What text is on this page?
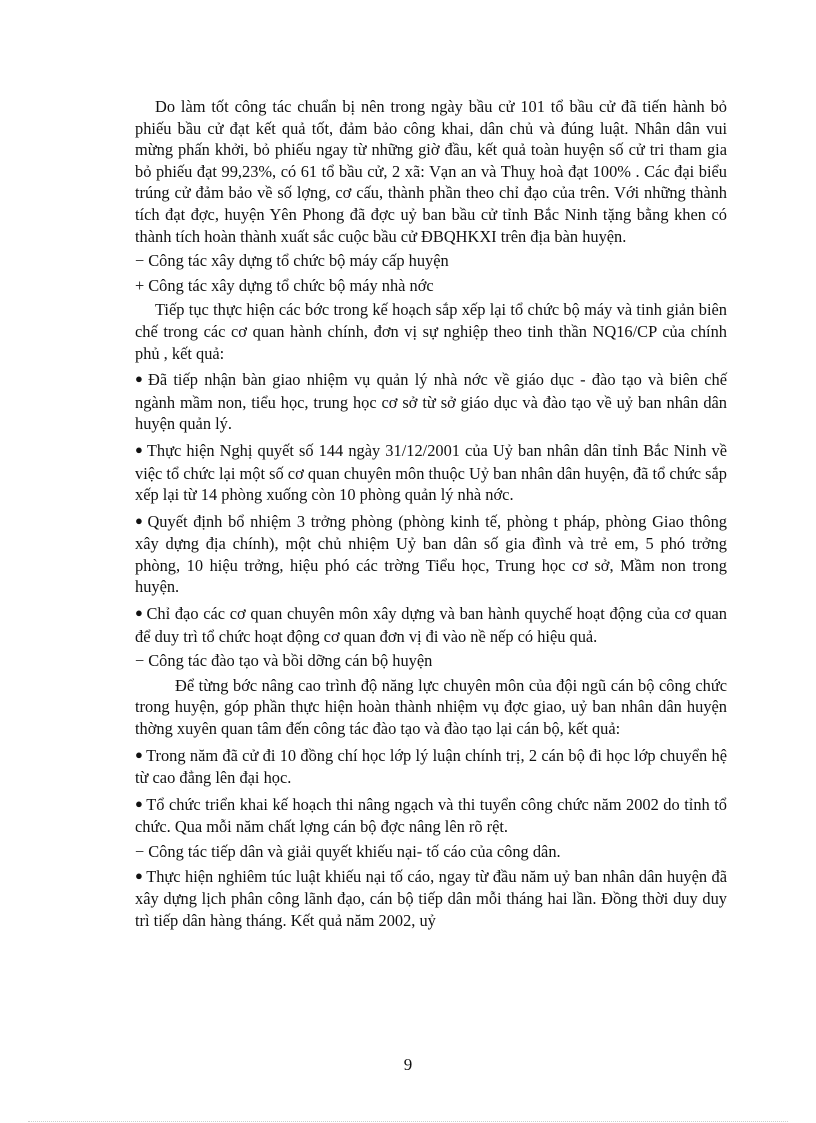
Do làm tốt công tác chuẩn bị nên trong ngày bầu cử 101 tổ bầu cử đã tiến hành bỏ phiếu bầu cử đạt kết quả tốt, đảm bảo công khai, dân chủ và đúng luật. Nhân dân vui mừng phấn khởi, bỏ phiếu ngay từ những giờ đầu, kết quả toàn huyện số cử tri tham gia bỏ phiếu đạt 99,23%, có 61 tổ bầu cử, 2 xã: Vạn an và Thuỵ hoà đạt 100% . Các đại biểu trúng cử đảm bảo về số lợng, cơ cấu, thành phần theo chỉ đạo của trên. Với những thành tích đạt đợc, huyện Yên Phong đã đợc uỷ ban bầu cử tỉnh Bắc Ninh tặng bằng khen có thành tích hoàn thành xuất sắc cuộc bầu cử ĐBQHKXI trên địa bàn huyện.

− Công tác xây dựng tổ chức bộ máy cấp huyện

+ Công tác xây dựng tổ chức bộ máy nhà nớc

Tiếp tục thực hiện các bớc trong kế hoạch sắp xếp lại tổ chức bộ máy và tinh giản biên chế trong các cơ quan hành chính, đơn vị sự nghiệp theo tinh thần NQ16/CP của chính phủ , kết quả:

● Đã tiếp nhận bàn giao nhiệm vụ quản lý nhà nớc về giáo dục - đào tạo và biên chế ngành mầm non, tiểu học, trung học cơ sở từ sở giáo dục và đào tạo về uỷ ban nhân dân huyện quản lý.

● Thực hiện Nghị quyết số 144 ngày 31/12/2001 của Uỷ ban nhân dân tỉnh Bắc Ninh về việc tổ chức lại một số cơ quan chuyên môn thuộc Uỷ ban nhân dân huyện, đã tổ chức sắp xếp lại từ 14 phòng xuống còn 10 phòng quản lý nhà nớc.

● Quyết định bổ nhiệm 3 trởng phòng (phòng kinh tế, phòng t pháp, phòng Giao thông xây dựng địa chính), một chủ nhiệm Uỷ ban dân số gia đình và trẻ em, 5 phó trởng phòng, 10 hiệu trởng, hiệu phó các trờng Tiểu học, Trung học cơ sở, Mầm non trong huyện.

● Chỉ đạo các cơ quan chuyên môn xây dựng và ban hành quychế hoạt động của cơ quan để duy trì tổ chức hoạt động cơ quan đơn vị đi vào nề nếp có hiệu quả.

− Công tác đào tạo và bồi dỡng cán bộ huyện

Để từng bớc nâng cao trình độ năng lực chuyên môn của đội ngũ cán bộ công chức trong huyện, góp phần thực hiện hoàn thành nhiệm vụ đợc giao, uỷ ban nhân dân huyện thờng xuyên quan tâm đến công tác đào tạo và đào tạo lại cán bộ, kết quả:

● Trong năm đã cử đi 10 đồng chí học lớp lý luận chính trị, 2 cán bộ đi học lớp chuyển hệ từ cao đẳng lên đại học.

● Tổ chức triển khai kế hoạch thi nâng ngạch và thi tuyển công chức năm 2002 do tỉnh tổ chức. Qua mỗi năm chất lợng cán bộ đợc nâng lên rõ rệt.

− Công tác tiếp dân và giải quyết khiếu nại- tố cáo của công dân.

● Thực hiện nghiêm túc luật khiếu nại tố cáo, ngay từ đầu năm uỷ ban nhân dân huyện đã xây dựng lịch phân công lãnh đạo, cán bộ tiếp dân mỗi tháng hai lần. Đồng thời duy duy trì tiếp dân hàng tháng. Kết quả năm 2002, uỷ

9
